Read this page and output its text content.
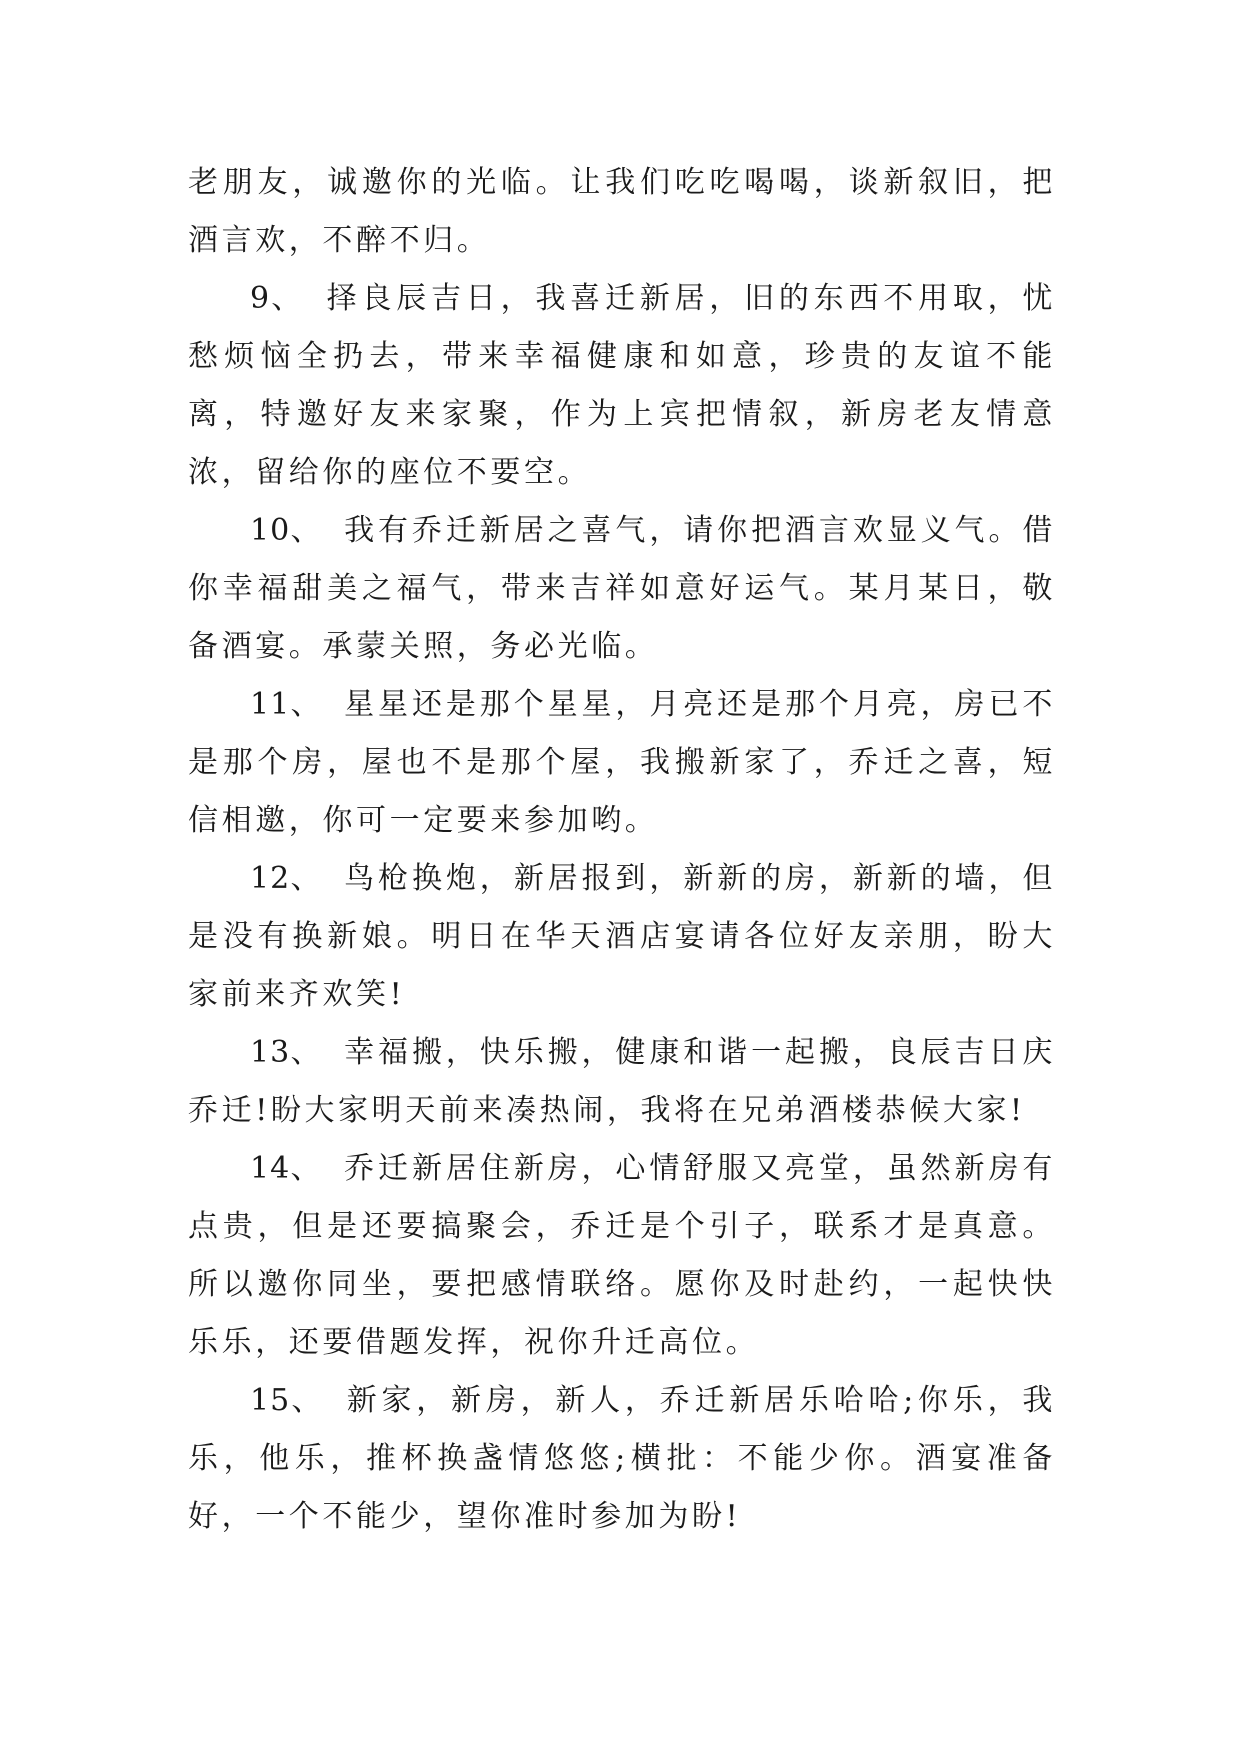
老朋友，诚邀你的光临。让我们吃吃喝喝，谈新叙旧，把酒言欢，不醉不归。

9、 择良辰吉日，我喜迁新居，旧的东西不用取，忧愁烦恼全扔去，带来幸福健康和如意，珍贵的友谊不能离，特邀好友来家聚，作为上宾把情叙，新房老友情意浓，留给你的座位不要空。

10、 我有乔迁新居之喜气，请你把酒言欢显义气。借你幸福甜美之福气，带来吉祥如意好运气。某月某日，敬备酒宴。承蒙关照，务必光临。

11、 星星还是那个星星，月亮还是那个月亮，房已不是那个房，屋也不是那个屋，我搬新家了，乔迁之喜，短信相邀，你可一定要来参加哟。

12、 鸟枪换炮，新居报到，新新的房，新新的墙，但是没有换新娘。明日在华天酒店宴请各位好友亲朋，盼大家前来齐欢笑!

13、 幸福搬，快乐搬，健康和谐一起搬，良辰吉日庆乔迁!盼大家明天前来凑热闹，我将在兄弟酒楼恭候大家!

14、 乔迁新居住新房，心情舒服又亮堂，虽然新房有点贵，但是还要搞聚会，乔迁是个引子，联系才是真意。所以邀你同坐，要把感情联络。愿你及时赴约，一起快快乐乐，还要借题发挥，祝你升迁高位。

15、 新家，新房，新人，乔迁新居乐哈哈;你乐，我乐，他乐，推杯换盏情悠悠;横批：不能少你。酒宴准备好，一个不能少，望你准时参加为盼!
